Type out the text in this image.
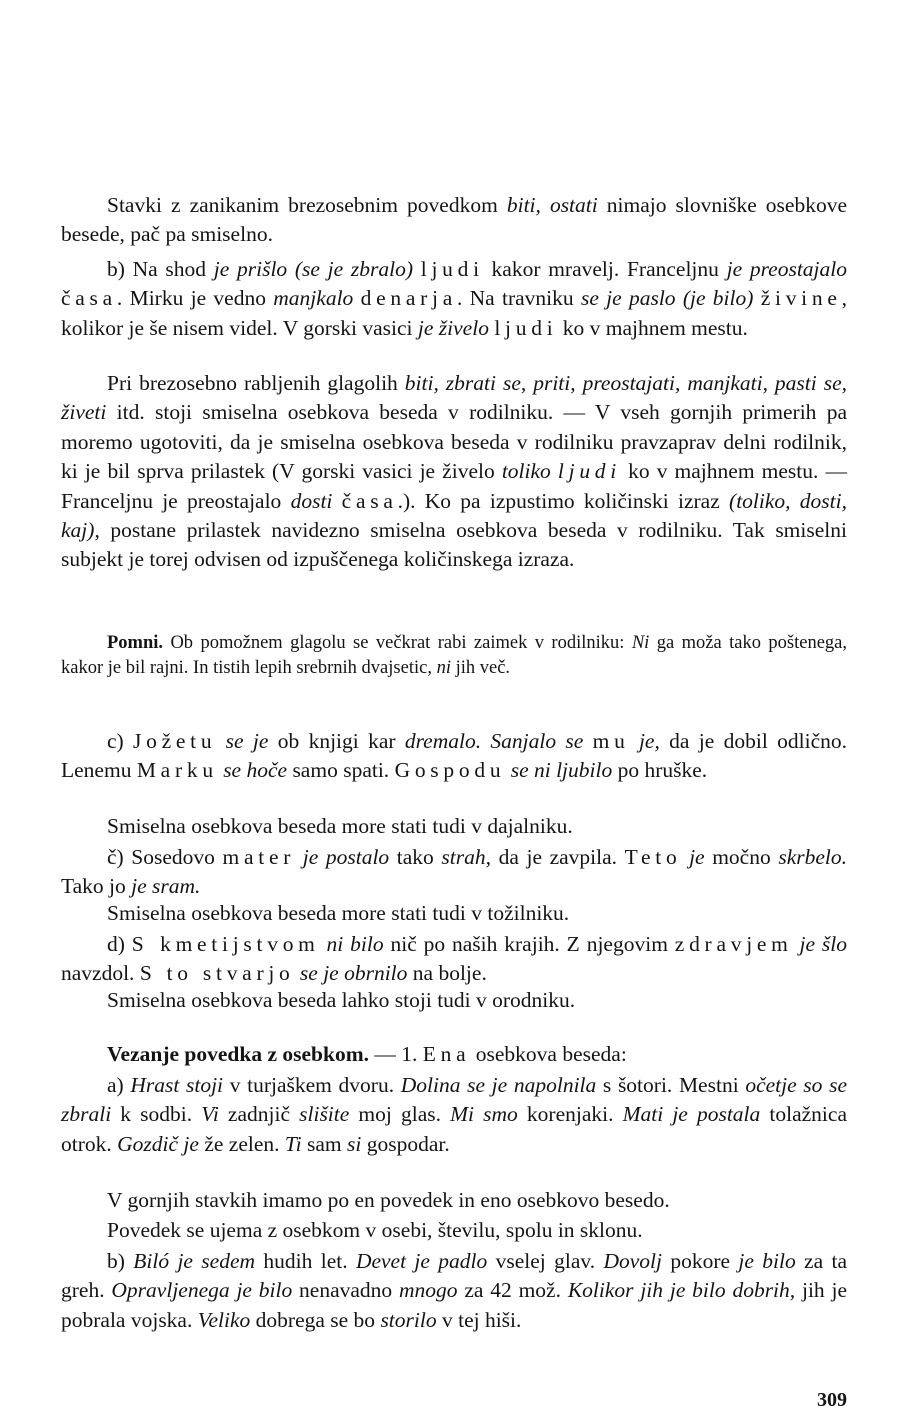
Stavki z zanikanim brezosebnim povedkom biti, ostati nimajo slovniške osebkove besede, pač pa smiselno.

b) Na shod je prišlo (se je zbralo) ljudi kakor mravelj. Franceljnu je preostajalo časa. Mirku je vedno manjkalo denarja. Na travniku se je paslo (je bilo) živine, kolikor je še nisem videl. V gorski vasici je živelo ljudi ko v majhnem mestu.

Pri brezosebno rabljenih glagolih biti, zbrati se, priti, preostajati, manjkati, pasti se, živeti itd. stoji smiselna osebkova beseda v rodilniku. — V vseh gornjih primerih pa moremo ugotoviti, da je smiselna osebkova beseda v rodilniku pravzaprav delni rodilnik, ki je bil sprva prilastek (V gorski vasici je živelo toliko ljudi ko v majhnem mestu. — Franceljnu je preostajalo dosti časa.). Ko pa izpustimo količinski izraz (toliko, dosti, kaj), postane prilastek navidezno smiselna osebkova beseda v rodilniku. Tak smiselni subjekt je torej odvisen od izpuščenega količinskega izraza.

Pomni. Ob pomožnem glagolu se večkrat rabi zaimek v rodilniku: Ni ga moža tako poštenega, kakor je bil rajni. In tistih lepih srebrnih dvajsetic, ni jih več.

c) Jožetu se je ob knjigi kar dremalo. Sanjalo se mu je, da je dobil odlično. Lenemu Marku se hoče samo spati. Gospodu se ni ljubilo po hruške.

Smiselna osebkova beseda more stati tudi v dajalniku.

č) Sosedovo mater je postalo tako strah, da je zavpila. Teto je močno skrbelo. Tako jo je sram.

Smiselna osebkova beseda more stati tudi v tožilniku.

d) S kmetijstvom ni bilo nič po naših krajih. Z njegovim zdravjem je šlo navzdol. S to stvarjo se je obrnilo na bolje.

Smiselna osebkova beseda lahko stoji tudi v orodniku.

Vezanje povedka z osebkom. — 1. Ena osebkova beseda:

a) Hrast stoji v turjaškem dvoru. Dolina se je napolnila s šotori. Mestni očetje so se zbrali k sodbi. Vi zadnjič slišite moj glas. Mi smo korenjaki. Mati je postala tolažnica otrok. Gozdič je že zelen. Ti sam si gospodar.

V gornjih stavkih imamo po en povedek in eno osebkovo besedo.

Povedek se ujema z osebkom v osebi, številu, spolu in sklonu.

b) Biló je sedem hudih let. Devet je padlo vselej glav. Dovolj pokore je bilo za ta greh. Opravljenega je bilo nenavadno mnogo za 42 mož. Kolikor jih je bilo dobrih, jih je pobrala vojska. Veliko dobrega se bo storilo v tej hiši.

309
